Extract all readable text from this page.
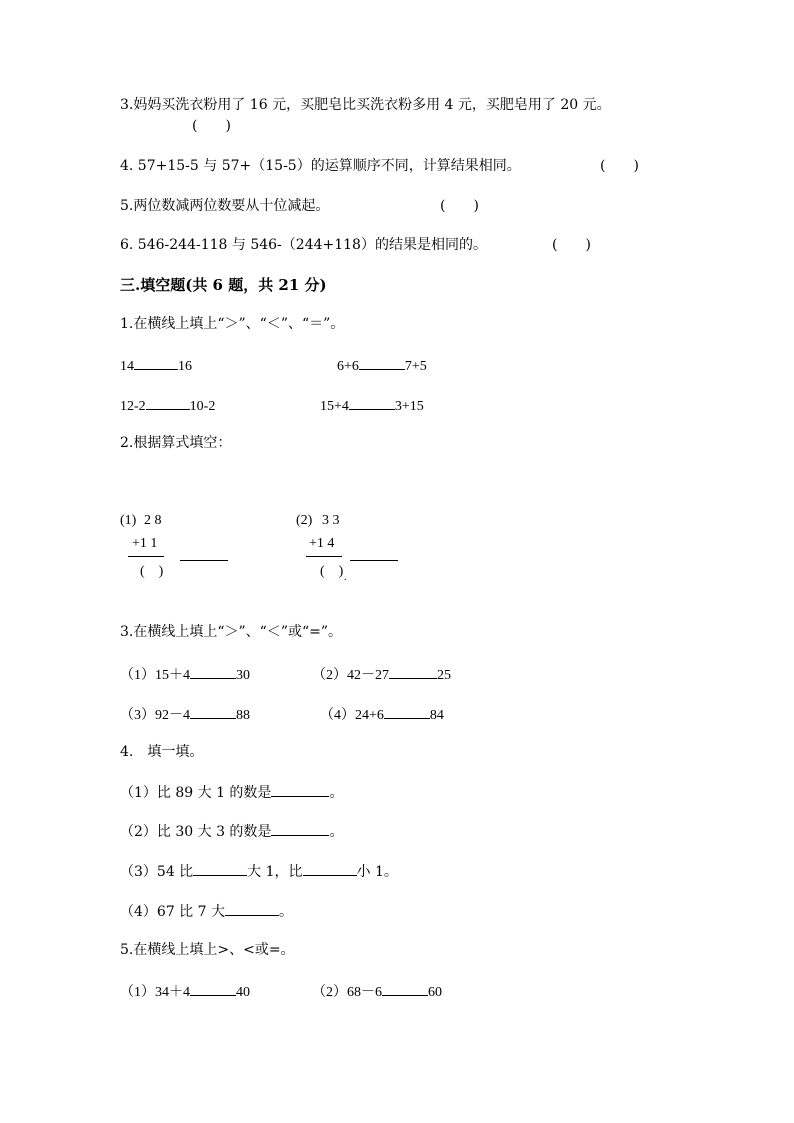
3.妈妈买洗衣粉用了 16 元，买肥皂比买洗衣粉多用 4 元，买肥皂用了 20 元。
(　　)
4. 57+15-5 与 57+（15-5）的运算顺序不同，计算结果相同。	(　　)
5.两位数减两位数要从十位减起。	(　　)
6. 546-244-118 与 546-（244+118）的结果是相同的。	(　　)
三.填空题(共 6 题，共 21 分)
1.在横线上填上“＞”、“＜”、“＝”。
14	16	6+6	7+5
12-2	10-2	15+4	3+15
2.根据算式填空：
(1) 2 8
+1 1
(　)
(2) 3 3
+1 4
(　) .
3.在横线上填上“＞”、“＜”或“=”。
（1）15＋4	30	（2）42－27	25
（3）92－4	88	（4）24+6	84
4.　填一填。
（1）比 89 大 1 的数是	。
（2）比 30 大 3 的数是	。
（3）54 比	大 1，比	小 1。
（4）67 比 7 大	。
5.在横线上填上>、<或=。
（1）34＋4	40	（2）68－6	60
